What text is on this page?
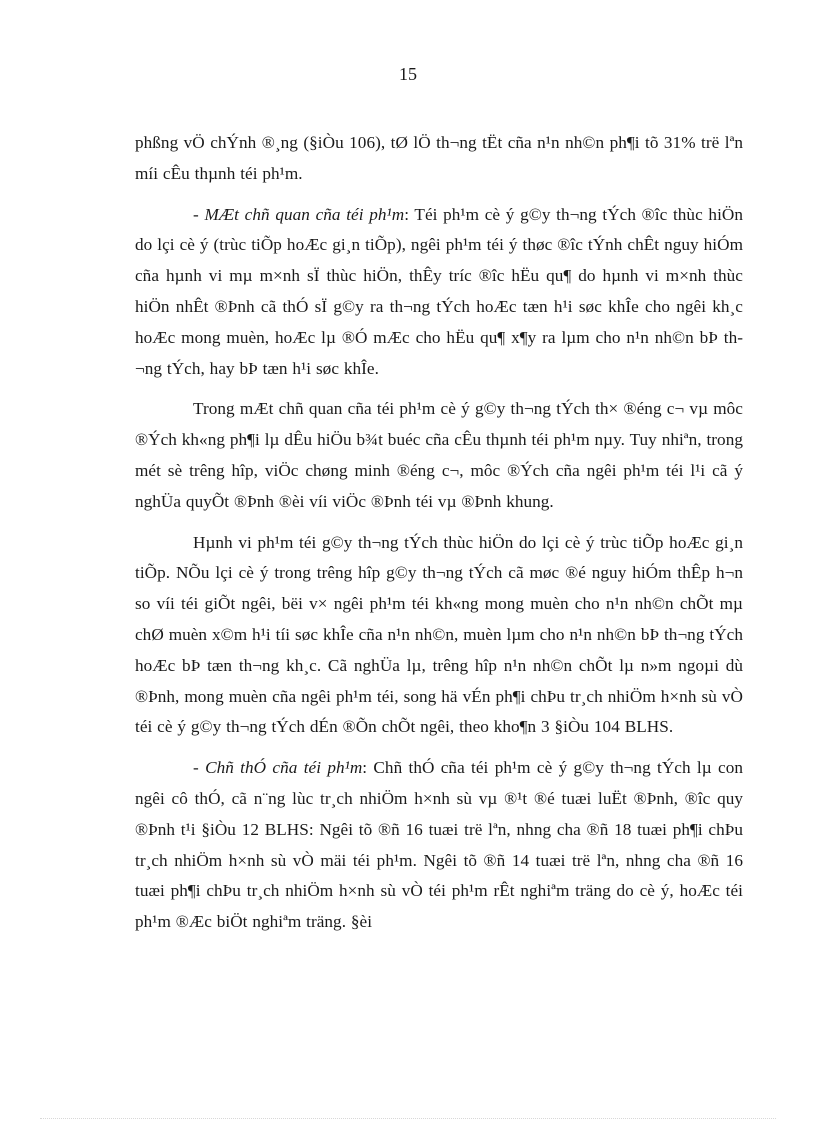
15

phßng vÖ chÝnh ®¸ng (§iÒu 106), tØ lÖ th¬ng tËt cña n¹n nh©n ph¶i tõ 31% trë lªn míi cÊu thµnh téi ph¹m.

- MÆt chñ quan cña téi ph¹m: Téi ph¹m cè ý g©y th¬ng tÝch ®îc thùc hiÖn do lçi cè ý (trùc tiÕp hoÆc gi¸n tiÕp), ngêi ph¹m téi ý thøc ®îc tÝnh chÊt nguy hiÓm cña hµnh vi mµ m×nh sÏ thùc hiÖn, thÊy tríc ®îc hËu qu¶ do hµnh vi m×nh thùc hiÖn nhÊt ®Þnh cã thÓ sÏ g©y ra th¬ng tÝch hoÆc tæn h¹i søc khÎe cho ngêi kh¸c hoÆc mong muèn, hoÆc lµ ®Ó mÆc cho hËu qu¶ x¶y ra lµm cho n¹n nh©n bÞ th¬ng tÝch, hay bÞ tæn h¹i søc khÎe.

Trong mÆt chñ quan cña téi ph¹m cè ý g©y th¬ng tÝch th× ®éng c¬ vµ môc ®Ých kh«ng ph¶i lµ dÊu hiÖu b¾t buéc cña cÊu thµnh téi ph¹m nµy. Tuy nhiªn, trong mét sè trêng hîp, viÖc chøng minh ®éng c¬, môc ®Ých cña ngêi ph¹m téi l¹i cã ý nghÜa quyÕt ®Þnh ®èi víi viÖc ®Þnh téi vµ ®Þnh khung.

Hµnh vi ph¹m téi g©y th¬ng tÝch thùc hiÖn do lçi cè ý trùc tiÕp hoÆc gi¸n tiÕp. NÕu lçi cè ý trong trêng hîp g©y th¬ng tÝch cã møc ®é nguy hiÓm thÊp h¬n so víi téi giÕt ngêi, bëi v× ngêi ph¹m téi kh«ng mong muèn cho n¹n nh©n chÕt mµ chØ muèn x©m h¹i tíi søc khÎe cña n¹n nh©n, muèn lµm cho n¹n nh©n bÞ th¬ng tÝch hoÆc bÞ tæn th¬ng kh¸c. Cã nghÜa lµ, trêng hîp n¹n nh©n chÕt lµ n»m ngoµi dù ®Þnh, mong muèn cña ngêi ph¹m téi, song hä vÉn ph¶i chÞu tr¸ch nhiÖm h×nh sù vÒ téi cè ý g©y th¬ng tÝch dÉn ®Õn chÕt ngêi, theo kho¶n 3 §iÒu 104 BLHS.

- Chñ thÓ cña téi ph¹m: Chñ thÓ cña téi ph¹m cè ý g©y th¬ng tÝch lµ con ngêi cô thÓ, cã n¨ng lùc tr¸ch nhiÖm h×nh sù vµ ®¹t ®é tuæi luËt ®Þnh, ®îc quy ®Þnh t¹i §iÒu 12 BLHS: Ngêi tõ ®ñ 16 tuæi trë lªn, nhng cha ®ñ 18 tuæi ph¶i chÞu tr¸ch nhiÖm h×nh sù vÒ mäi téi ph¹m. Ngêi tõ ®ñ 14 tuæi trë lªn, nhng cha ®ñ 16 tuæi ph¶i chÞu tr¸ch nhiÖm h×nh sù vÒ téi ph¹m rÊt nghiªm träng do cè ý, hoÆc téi ph¹m ®Æc biÖt nghiªm träng. §èi
